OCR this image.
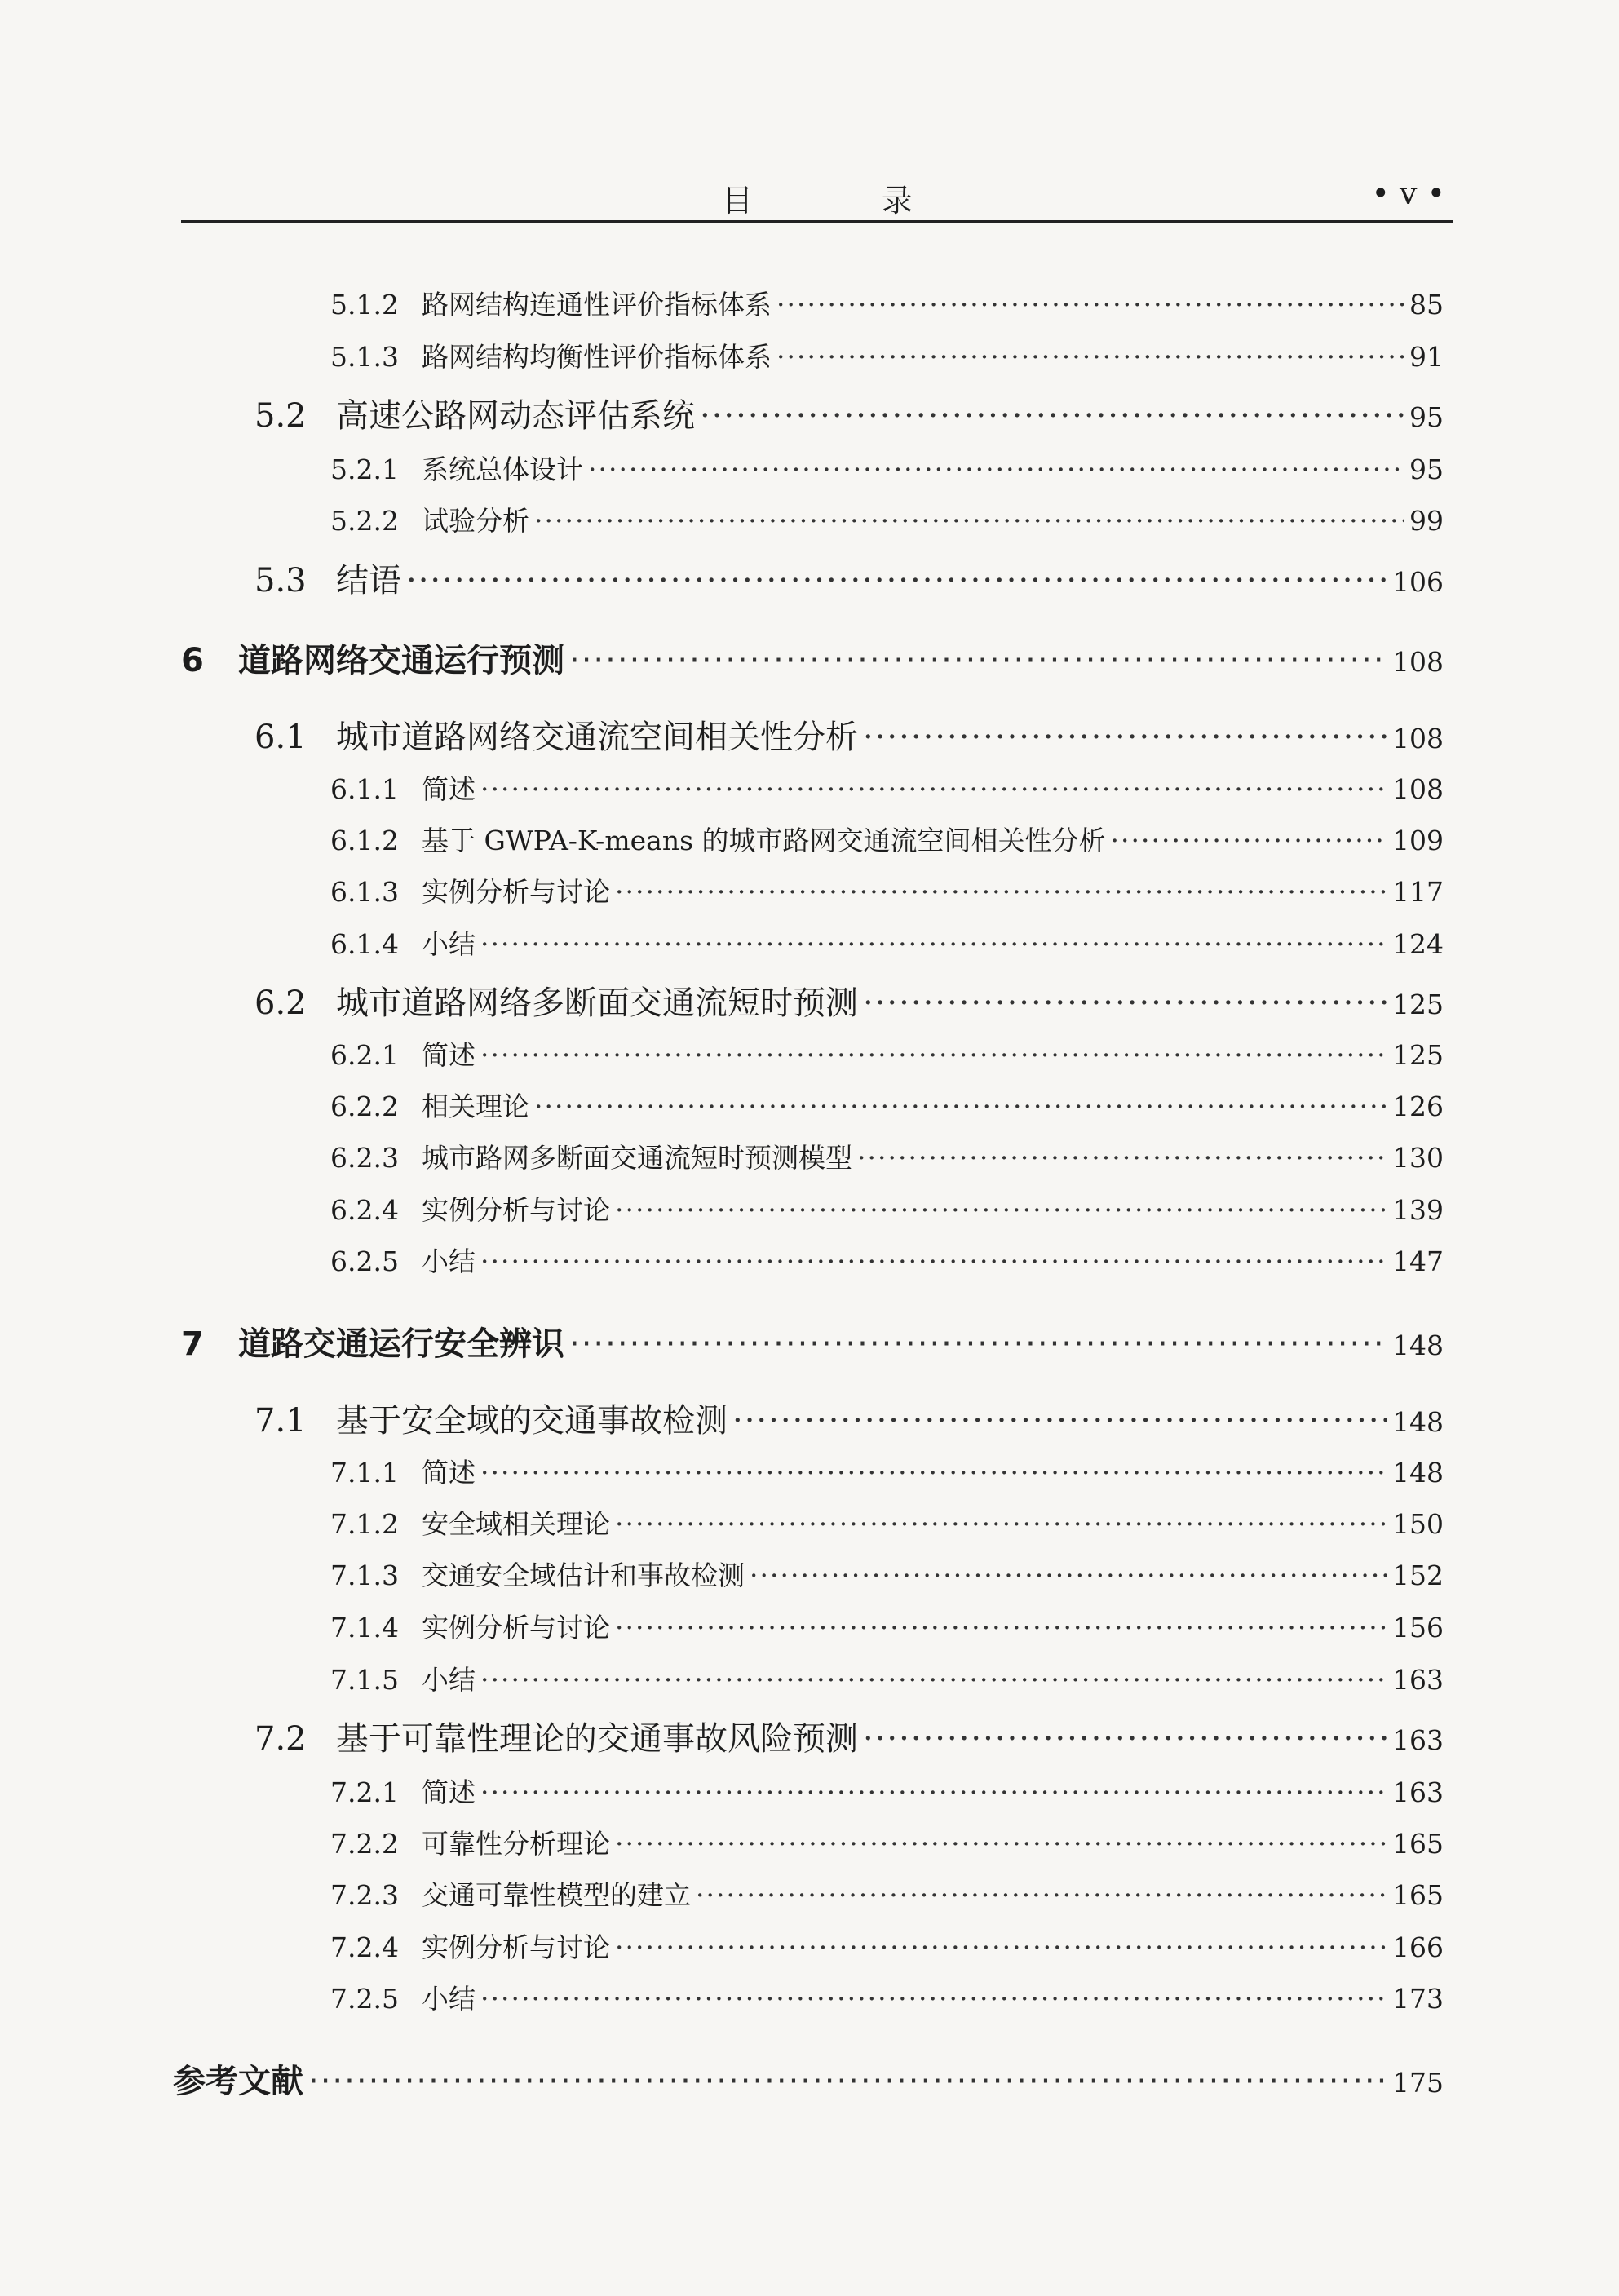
目　录	• v •
5.1.2 路网结构连通性评价指标体系 ·····	85
5.1.3 路网结构均衡性评价指标体系 ·····	91
5.2 高速公路网动态评估系统 ·····	95
5.2.1 系统总体设计 ·····	95
5.2.2 试验分析 ·····	99
5.3 结语 ·····	106
6	道路网络交通运行预测 ·····	108
6.1 城市道路网络交通流空间相关性分析 ·····	108
6.1.1 简述 ·····	108
6.1.2 基于 GWPA-K-means 的城市路网交通流空间相关性分析 ·····	109
6.1.3 实例分析与讨论 ·····	117
6.1.4 小结 ·····	124
6.2 城市道路网络多断面交通流短时预测 ·····	125
6.2.1 简述 ·····	125
6.2.2 相关理论 ·····	126
6.2.3 城市路网多断面交通流短时预测模型 ·····	130
6.2.4 实例分析与讨论 ·····	139
6.2.5 小结 ·····	147
7	道路交通运行安全辨识 ·····	148
7.1 基于安全域的交通事故检测 ·····	148
7.1.1 简述 ·····	148
7.1.2 安全域相关理论 ·····	150
7.1.3 交通安全域估计和事故检测 ·····	152
7.1.4 实例分析与讨论 ·····	156
7.1.5 小结 ·····	163
7.2 基于可靠性理论的交通事故风险预测 ·····	163
7.2.1 简述 ·····	163
7.2.2 可靠性分析理论 ·····	165
7.2.3 交通可靠性模型的建立 ·····	165
7.2.4 实例分析与讨论 ·····	166
7.2.5 小结 ·····	173
参考文献 ·····	175
